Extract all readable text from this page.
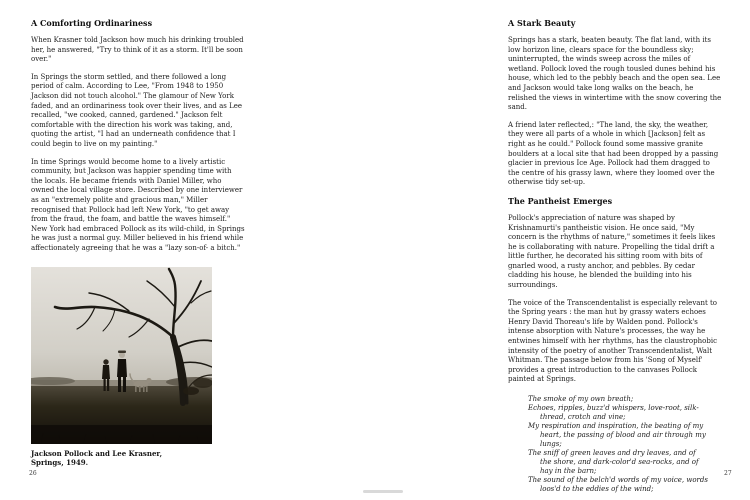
A Comforting Ordinariness

When Krasner told Jackson how much his drinking troubled her, he answered, "Try to think of it as a storm. It'll be soon over."

In Springs the storm settled, and there followed a long period of calm. According to Lee, "From 1948 to 1950 Jackson did not touch alcohol." The glamour of New York faded, and an ordinariness took over their lives, and as Lee recalled, "we cooked, canned, gardened." Jackson felt comfortable with the direction his work was taking, and, quoting the artist, "I had an underneath confidence that I could begin to live on my painting."

In time Springs would become home to a lively artistic community, but Jackson was happier spending time with the locals. He became friends with Daniel Miller, who owned the local village store. Described by one interviewer as an "extremely polite and gracious man," Miller recognised that Pollock had left New York, "to get away from the fraud, the foam, and battle the waves himself." New York had embraced Pollock as its wild-child, in Springs he was just a normal guy. Miller believed in his friend while affectionately agreeing that he was a "lazy son-of- a bitch."

Jackson Pollock and Lee Krasner,
Springs, 1949.
26
A Stark Beauty

Springs has a stark, beaten beauty. The flat land, with its low horizon line, clears space for the boundless sky; uninterrupted, the winds sweep across the miles of wetland. Pollock loved the rough tousled dunes behind his house, which led to the pebbly beach and the open sea. Lee and Jackson would take long walks on the beach, he relished the views in wintertime with the snow covering the sand.

A friend later reflected,: "The land, the sky, the weather, they were all parts of a whole in which [Jackson] felt as right as he could." Pollock found some massive granite boulders at a local site that had been dropped by a passing glacier in previous Ice Age. Pollock had them dragged to the centre of his grassy lawn, where they loomed over the otherwise tidy set-up.

The Pantheist Emerges

Pollock's appreciation of nature was shaped by Krishnamurti's pantheistic vision. He once said, "My concern is the rhythms of nature," sometimes it feels likes he is collaborating with nature. Propelling the tidal drift a little further, he decorated his sitting room with bits of gnarled wood, a rusty anchor, and pebbles. By cedar cladding his house, he blended the building into his surroundings.

The voice of the Transcendentalist is especially relevant to the Spring years : the man hut by grassy waters echoes Henry David Thoreau's life by Walden pond. Pollock's intense absorption with Nature's processes, the way he entwines himself with her rhythms, has the claustrophobic intensity of the poetry of another Transcendentalist, Walt Whitman. The passage below from his 'Song of Myself' provides a great introduction to the canvases Pollock painted at Springs.

The smoke of my own breath;
Echoes, ripples, buzz'd whispers, love-root, silk-thread, crotch and vine;
My respiration and inspiration, the beating of my heart, the passing of blood and air through my lungs;
The sniff of green leaves and dry leaves, and of the shore, and dark-color'd sea-rocks, and of hay in the barn;
The sound of the belch'd words of my voice, words loos'd to the eddies of the wind;
27
